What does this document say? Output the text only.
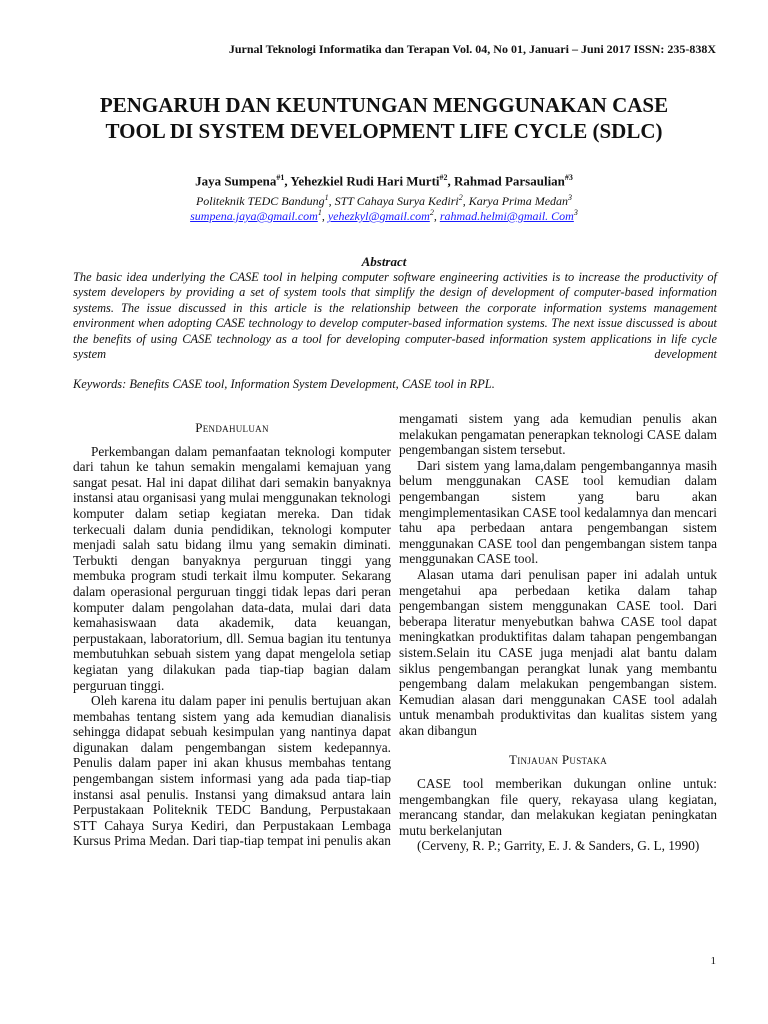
Jurnal Teknologi Informatika dan Terapan Vol. 04, No 01, Januari – Juni 2017 ISSN: 235-838X
PENGARUH DAN KEUNTUNGAN MENGGUNAKAN CASE
TOOL DI SYSTEM DEVELOPMENT LIFE CYCLE (SDLC)
Jaya Sumpena$^{\#1}$, Yehezkiel Rudi Hari Murti$^{\#2}$, Rahmad Parsaulian$^{\#3}$
Politeknik TEDC Bandung$^1$, STT Cahaya Surya Kediri$^2$, Karya Prima Medan$^3$
sumpena.jaya@gmail.com$^1$, yehezkyl@gmail.com$^2$, rahmad.helmi@gmail. Com$^3$
Abstract

The basic idea underlying the CASE tool in helping computer software engineering activities is to increase the productivity of system developers by providing a set of system tools that simplify the design of development of computer-based information systems. The issue discussed in this article is the relationship between the corporate information systems management environment when adopting CASE technology to develop computer-based information systems. The next issue discussed is about the benefits of using CASE technology as a tool for developing computer-based information system applications in life cycle system development

Keywords: Benefits CASE tool, Information System Development, CASE tool in RPL.
Pendahuluan

Perkembangan dalam pemanfaatan teknologi komputer dari tahun ke tahun semakin mengalami kemajuan yang sangat pesat. Hal ini dapat dilihat dari semakin banyaknya instansi atau organisasi yang mulai menggunakan teknologi komputer dalam setiap kegiatan mereka. Dan tidak terkecuali dalam dunia pendidikan, teknologi komputer menjadi salah satu bidang ilmu yang semakin diminati. Terbukti dengan banyaknya perguruan tinggi yang membuka program studi terkait ilmu komputer. Sekarang dalam operasional perguruan tinggi tidak lepas dari peran komputer dalam pengolahan data-data, mulai dari data kemahasiswaan data akademik, data keuangan, perpustakaan, laboratorium, dll. Semua bagian itu tentunya membutuhkan sebuah sistem yang dapat mengelola setiap kegiatan yang dilakukan pada tiap-tiap bagian dalam perguruan tinggi.

Oleh karena itu dalam paper ini penulis bertujuan akan membahas tentang sistem yang ada kemudian dianalisis sehingga didapat sebuah kesimpulan yang nantinya dapat digunakan dalam pengembangan sistem kedepannya. Penulis dalam paper ini akan khusus membahas tentang pengembangan sistem informasi yang ada pada tiap-tiap instansi asal penulis. Instansi yang dimaksud antara lain Perpustakaan Politeknik TEDC Bandung, Perpustakaan STT Cahaya Surya Kediri, dan Perpustakaan Lembaga Kursus Prima Medan. Dari tiap-tiap tempat ini penulis akan

mengamati sistem yang ada kemudian penulis akan melakukan pengamatan penerapkan teknologi CASE dalam pengembangan sistem tersebut.

Dari sistem yang lama,dalam pengembangannya masih belum menggunakan CASE tool kemudian dalam pengembangan sistem yang baru akan mengimplementasikan CASE tool kedalamnya dan mencari tahu apa perbedaan antara pengembangan sistem menggunakan CASE tool dan pengembangan sistem tanpa menggunakan CASE tool.

Alasan utama dari penulisan paper ini adalah untuk mengetahui apa perbedaan ketika dalam tahap pengembangan sistem menggunakan CASE tool. Dari beberapa literatur menyebutkan bahwa CASE tool dapat meningkatkan produktifitas dalam tahapan pengembangan sistem.Selain itu CASE juga menjadi alat bantu dalam siklus pengembangan perangkat lunak yang membantu pengembang dalam melakukan pengembangan sistem. Kemudian alasan dari menggunakan CASE tool adalah untuk menambah produktivitas dan kualitas sistem yang akan dibangun

Tinjauan Pustaka

CASE tool memberikan dukungan online untuk: mengembangkan file query, rekayasa ulang kegiatan, merancang standar, dan melakukan kegiatan peningkatan mutu berkelanjutan

(Cerveny, R. P.; Garrity, E. J. & Sanders, G. L, 1990)

1
